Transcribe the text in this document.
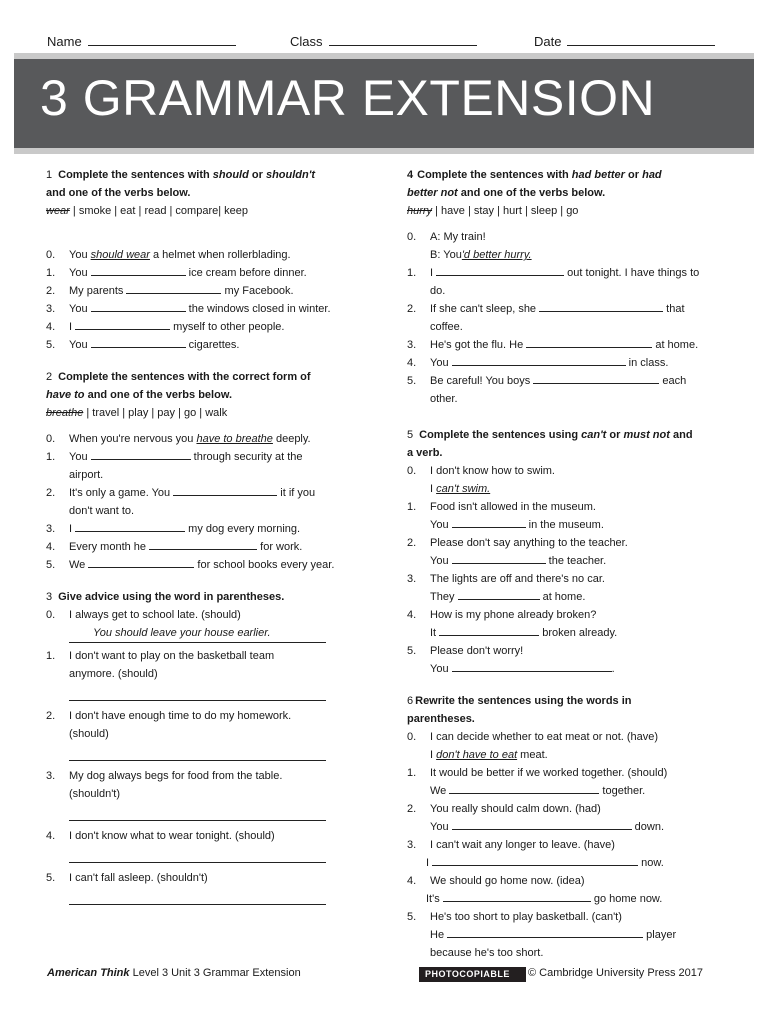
Name	Class	Date
3 GRAMMAR EXTENSION
1 Complete the sentences with should or shouldn't
and one of the verbs below.
wear | smoke | eat | read | compare| keep
0. You should wear a helmet when rollerblading.
1. You	ice cream before dinner.
2. My parents	my Facebook.
3. You	the windows closed in winter.
4. I	myself to other people.
5. You	cigarettes.
2 Complete the sentences with the correct form of
have to and one of the verbs below.
breathe | travel | play | pay | go | walk
0. When you're nervous you have to breathe deeply.
1. You	through security at the
airport.
2. It's only a game. You	it if you
don't want to.
3. I	my dog every morning.
4. Every month he	for work.
5. We	for school books every year.
3 Give advice using the word in parentheses.
0. I always get to school late. (should)
You should leave your house earlier.
1. I don't want to play on the basketball team
anymore. (should)
2. I don't have enough time to do my homework.
(should)
3. My dog always begs for food from the table.
(shouldn't)
4. I don't know what to wear tonight. (should)
5. I can't fall asleep. (shouldn't)
4 Complete the sentences with had better or had
better not and one of the verbs below.
hurry | have | stay | hurt | sleep | go
0. A: My train!
B: You'd better hurry.
1. I	out tonight. I have things to
do.
2. If she can't sleep, she	that
coffee.
3. He's got the flu. He	at home.
4. You	in class.
5. Be careful! You boys	each
other.
5 Complete the sentences using can't or must not and
a verb.
0. I don't know how to swim.
I can't swim.
1. Food isn't allowed in the museum.
You	in the museum.
2. Please don't say anything to the teacher.
You	the teacher.
3. The lights are off and there's no car.
They	at home.
4. How is my phone already broken?
It	broken already.
5. Please don't worry!
You	.
6 Rewrite the sentences using the words in
parentheses.
0. I can decide whether to eat meat or not. (have)
I don't have to eat meat.
1. It would be better if we worked together. (should)
We	together.
2. You really should calm down. (had)
You	down.
3. I can't wait any longer to leave. (have)
I	now.
4. We should go home now. (idea)
It's	go home now.
5. He's too short to play basketball. (can't)
He	player
because he's too short.
American Think Level 3 Unit 3 Grammar Extension	PHOTOCOPIABLE	© Cambridge University Press 2017
